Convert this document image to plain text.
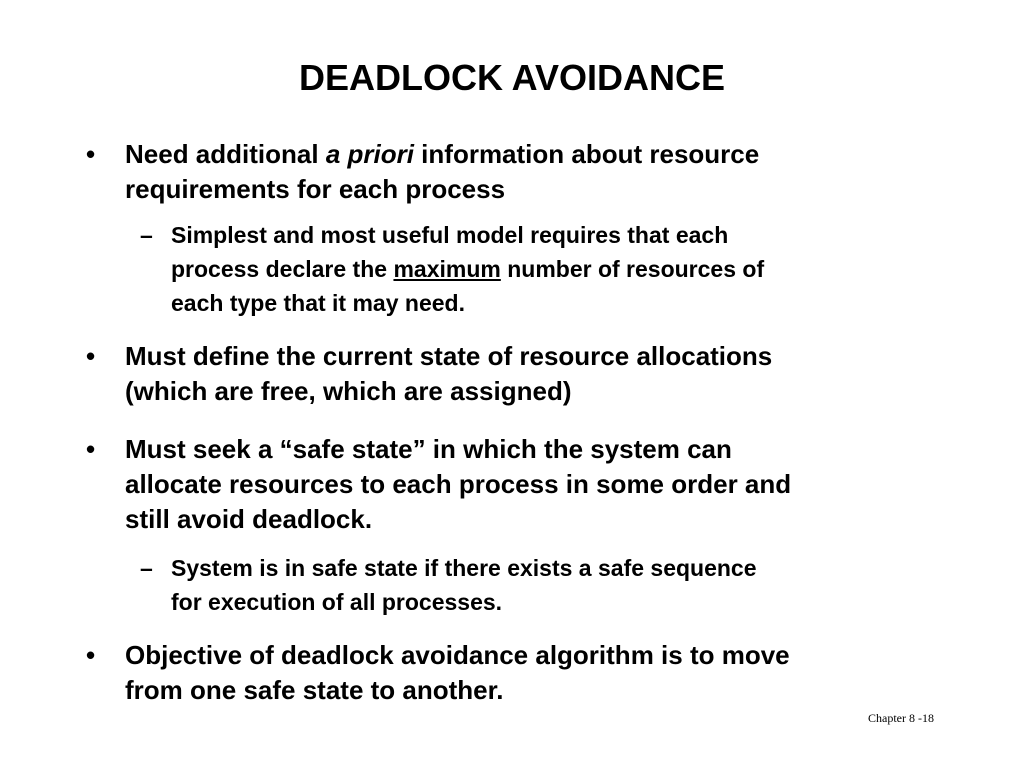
DEADLOCK AVOIDANCE
• Need additional a priori information about resource
requirements for each process
– Simplest and most useful model requires that each
process declare the maximum number of resources of
each type that it may need.
• Must define the current state of resource allocations
(which are free, which are assigned)
• Must seek a “safe state” in which the system can
allocate resources to each process in some order and
still avoid deadlock.
– System is in safe state if there exists a safe sequence
for execution of all processes.
• Objective of deadlock avoidance algorithm is to move
from one safe state to another.
Chapter 8 -18
